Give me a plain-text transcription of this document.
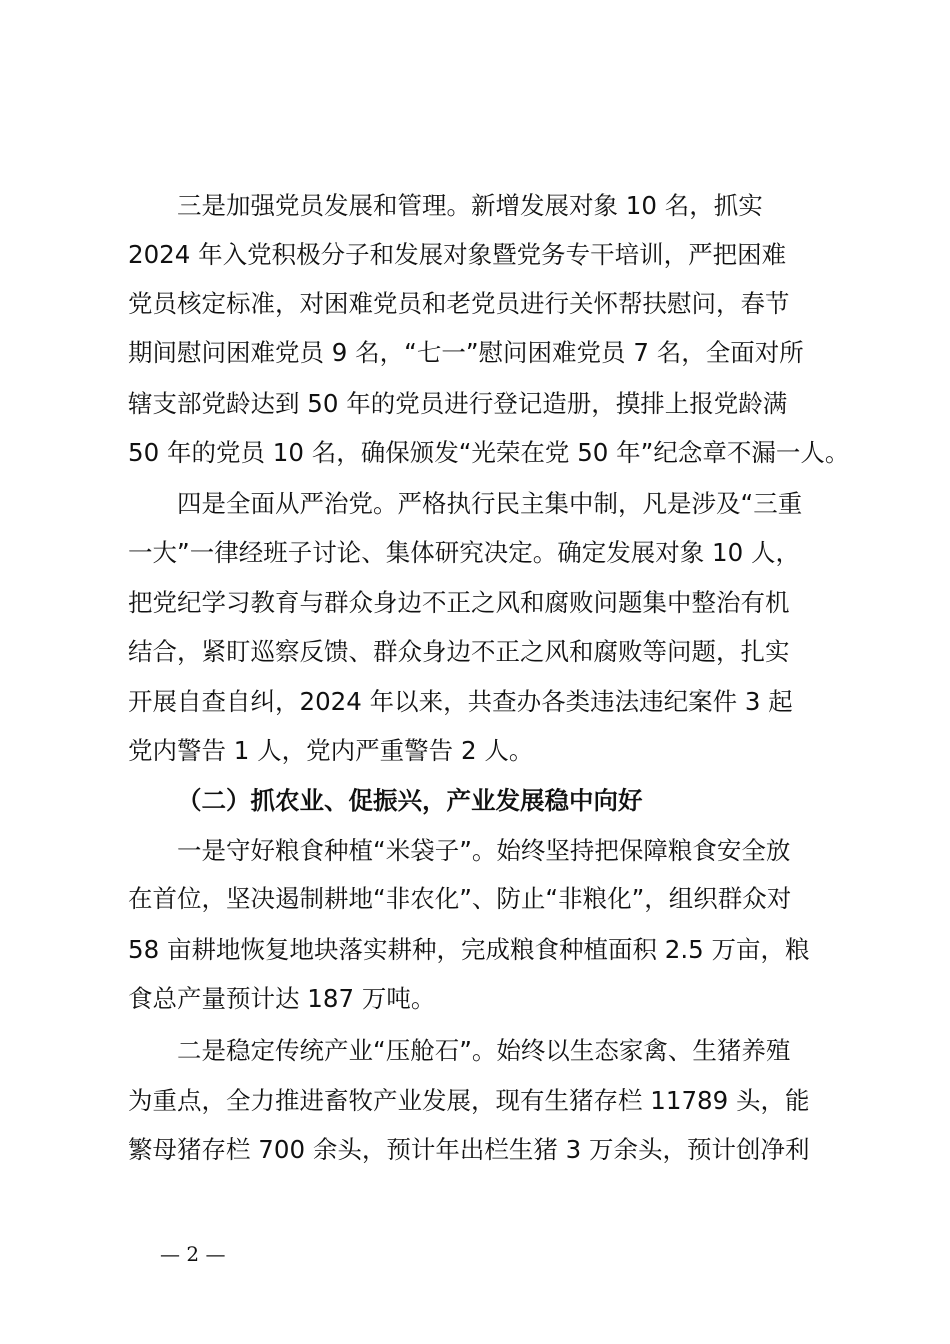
三是加强党员发展和管理。新增发展对象 10 名，抓实
2024 年入党积极分子和发展对象暨党务专干培训，严把困难
党员核定标准，对困难党员和老党员进行关怀帮扶慰问，春节
期间慰问困难党员 9 名，“七一”慰问困难党员 7 名，全面对所
辖支部党龄达到 50 年的党员进行登记造册，摸排上报党龄满
50 年的党员 10 名，确保颁发“光荣在党 50 年”纪念章不漏一人。
四是全面从严治党。严格执行民主集中制，凡是涉及“三重
一大”一律经班子讨论、集体研究决定。确定发展对象 10 人，
把党纪学习教育与群众身边不正之风和腐败问题集中整治有机
结合，紧盯巡察反馈、群众身边不正之风和腐败等问题，扎实
开展自查自纠，2024 年以来，共查办各类违法违纪案件 3 起
党内警告 1 人，党内严重警告 2 人。
（二）抓农业、促振兴，产业发展稳中向好
一是守好粮食种植“米袋子”。始终坚持把保障粮食安全放
在首位，坚决遏制耕地“非农化”、防止“非粮化”，组织群众对
58 亩耕地恢复地块落实耕种，完成粮食种植面积 2.5 万亩，粮
食总产量预计达 187 万吨。
二是稳定传统产业“压舱石”。始终以生态家禽、生猪养殖
为重点，全力推进畜牧产业发展，现有生猪存栏 11789 头，能
繁母猪存栏 700 余头，预计年出栏生猪 3 万余头，预计创净利
— 2 —
